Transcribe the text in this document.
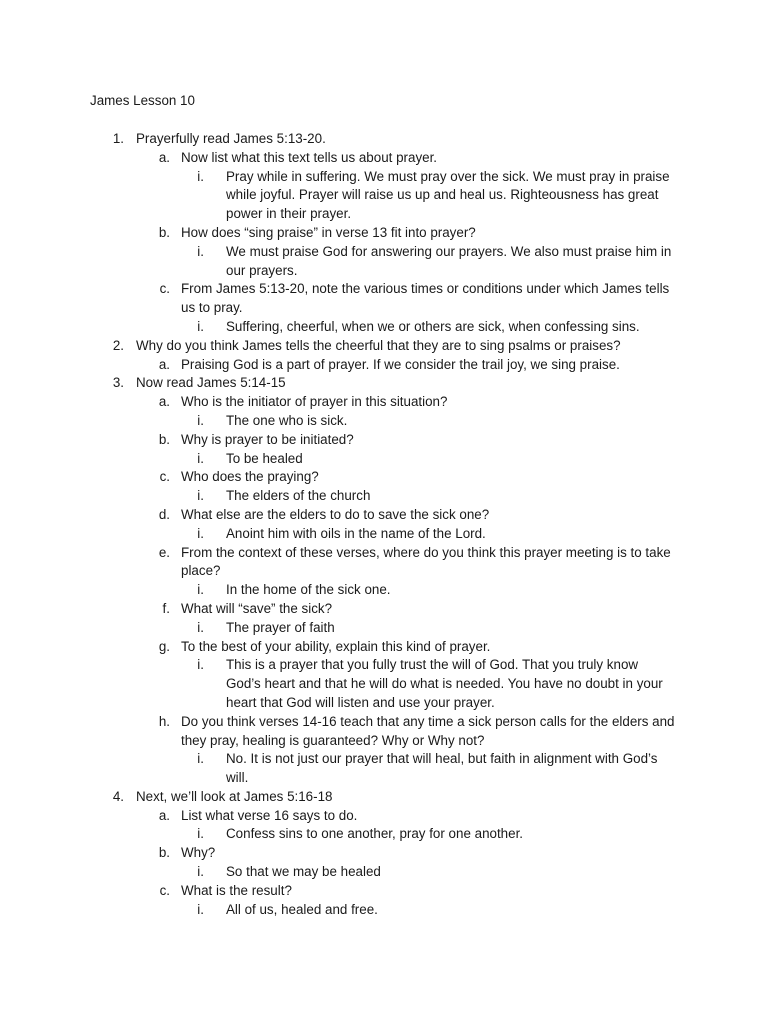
James Lesson 10
1. Prayerfully read James 5:13-20.
a. Now list what this text tells us about prayer.
i. Pray while in suffering. We must pray over the sick. We must pray in praise while joyful. Prayer will raise us up and heal us. Righteousness has great power in their prayer.
b. How does “sing praise” in verse 13 fit into prayer?
i. We must praise God for answering our prayers. We also must praise him in our prayers.
c. From James 5:13-20, note the various times or conditions under which James tells us to pray.
i. Suffering, cheerful, when we or others are sick, when confessing sins.
2. Why do you think James tells the cheerful that they are to sing psalms or praises?
a. Praising God is a part of prayer. If we consider the trail joy, we sing praise.
3. Now read James 5:14-15
a. Who is the initiator of prayer in this situation?
i. The one who is sick.
b. Why is prayer to be initiated?
i. To be healed
c. Who does the praying?
i. The elders of the church
d. What else are the elders to do to save the sick one?
i. Anoint him with oils in the name of the Lord.
e. From the context of these verses, where do you think this prayer meeting is to take place?
i. In the home of the sick one.
f. What will “save” the sick?
i. The prayer of faith
g. To the best of your ability, explain this kind of prayer.
i. This is a prayer that you fully trust the will of God. That you truly know God’s heart and that he will do what is needed. You have no doubt in your heart that God will listen and use your prayer.
h. Do you think verses 14-16 teach that any time a sick person calls for the elders and they pray, healing is guaranteed? Why or Why not?
i. No. It is not just our prayer that will heal, but faith in alignment with God’s will.
4. Next, we’ll look at James 5:16-18
a. List what verse 16 says to do.
i. Confess sins to one another, pray for one another.
b. Why?
i. So that we may be healed
c. What is the result?
i. All of us, healed and free.
